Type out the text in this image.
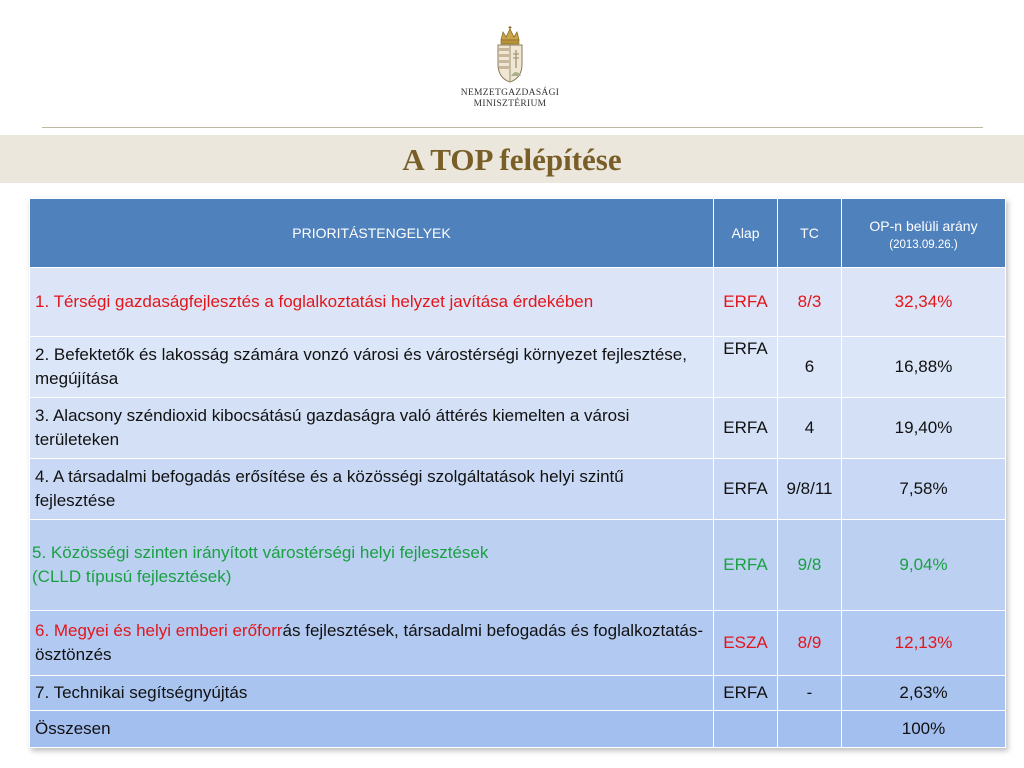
NEMZETGAZDASÁGI
MINISZTÉRIUM
A TOP felépítése
PRIORITÁSTENGELYEK	Alap	TC	OP-n belüli arány
(2013.09.26.)

1. Térségi gazdaságfejlesztés a foglalkoztatási helyzet javítása érdekében	ERFA	8/3	32,34%
2. Befektetők és lakosság számára vonzó városi és várostérségi környezet fejlesztése, megújítása	ERFA	6	16,88%
3. Alacsony széndioxid kibocsátású gazdaságra való áttérés kiemelten a városi területeken	ERFA	4	19,40%
4. A társadalmi befogadás erősítése és a közösségi szolgáltatások helyi szintű fejlesztése	ERFA	9/8/11	7,58%

5. Közösségi szinten irányított várostérségi helyi fejlesztések
(CLLD típusú fejlesztések)	ERFA	9/8	9,04%
6. Megyei és helyi emberi erőforrás fejlesztések, társadalmi befogadás és foglalkoztatás-ösztönzés	ESZA	8/9	12,13%
7. Technikai segítségnyújtás	ERFA	-	2,63%
Összesen			100%
